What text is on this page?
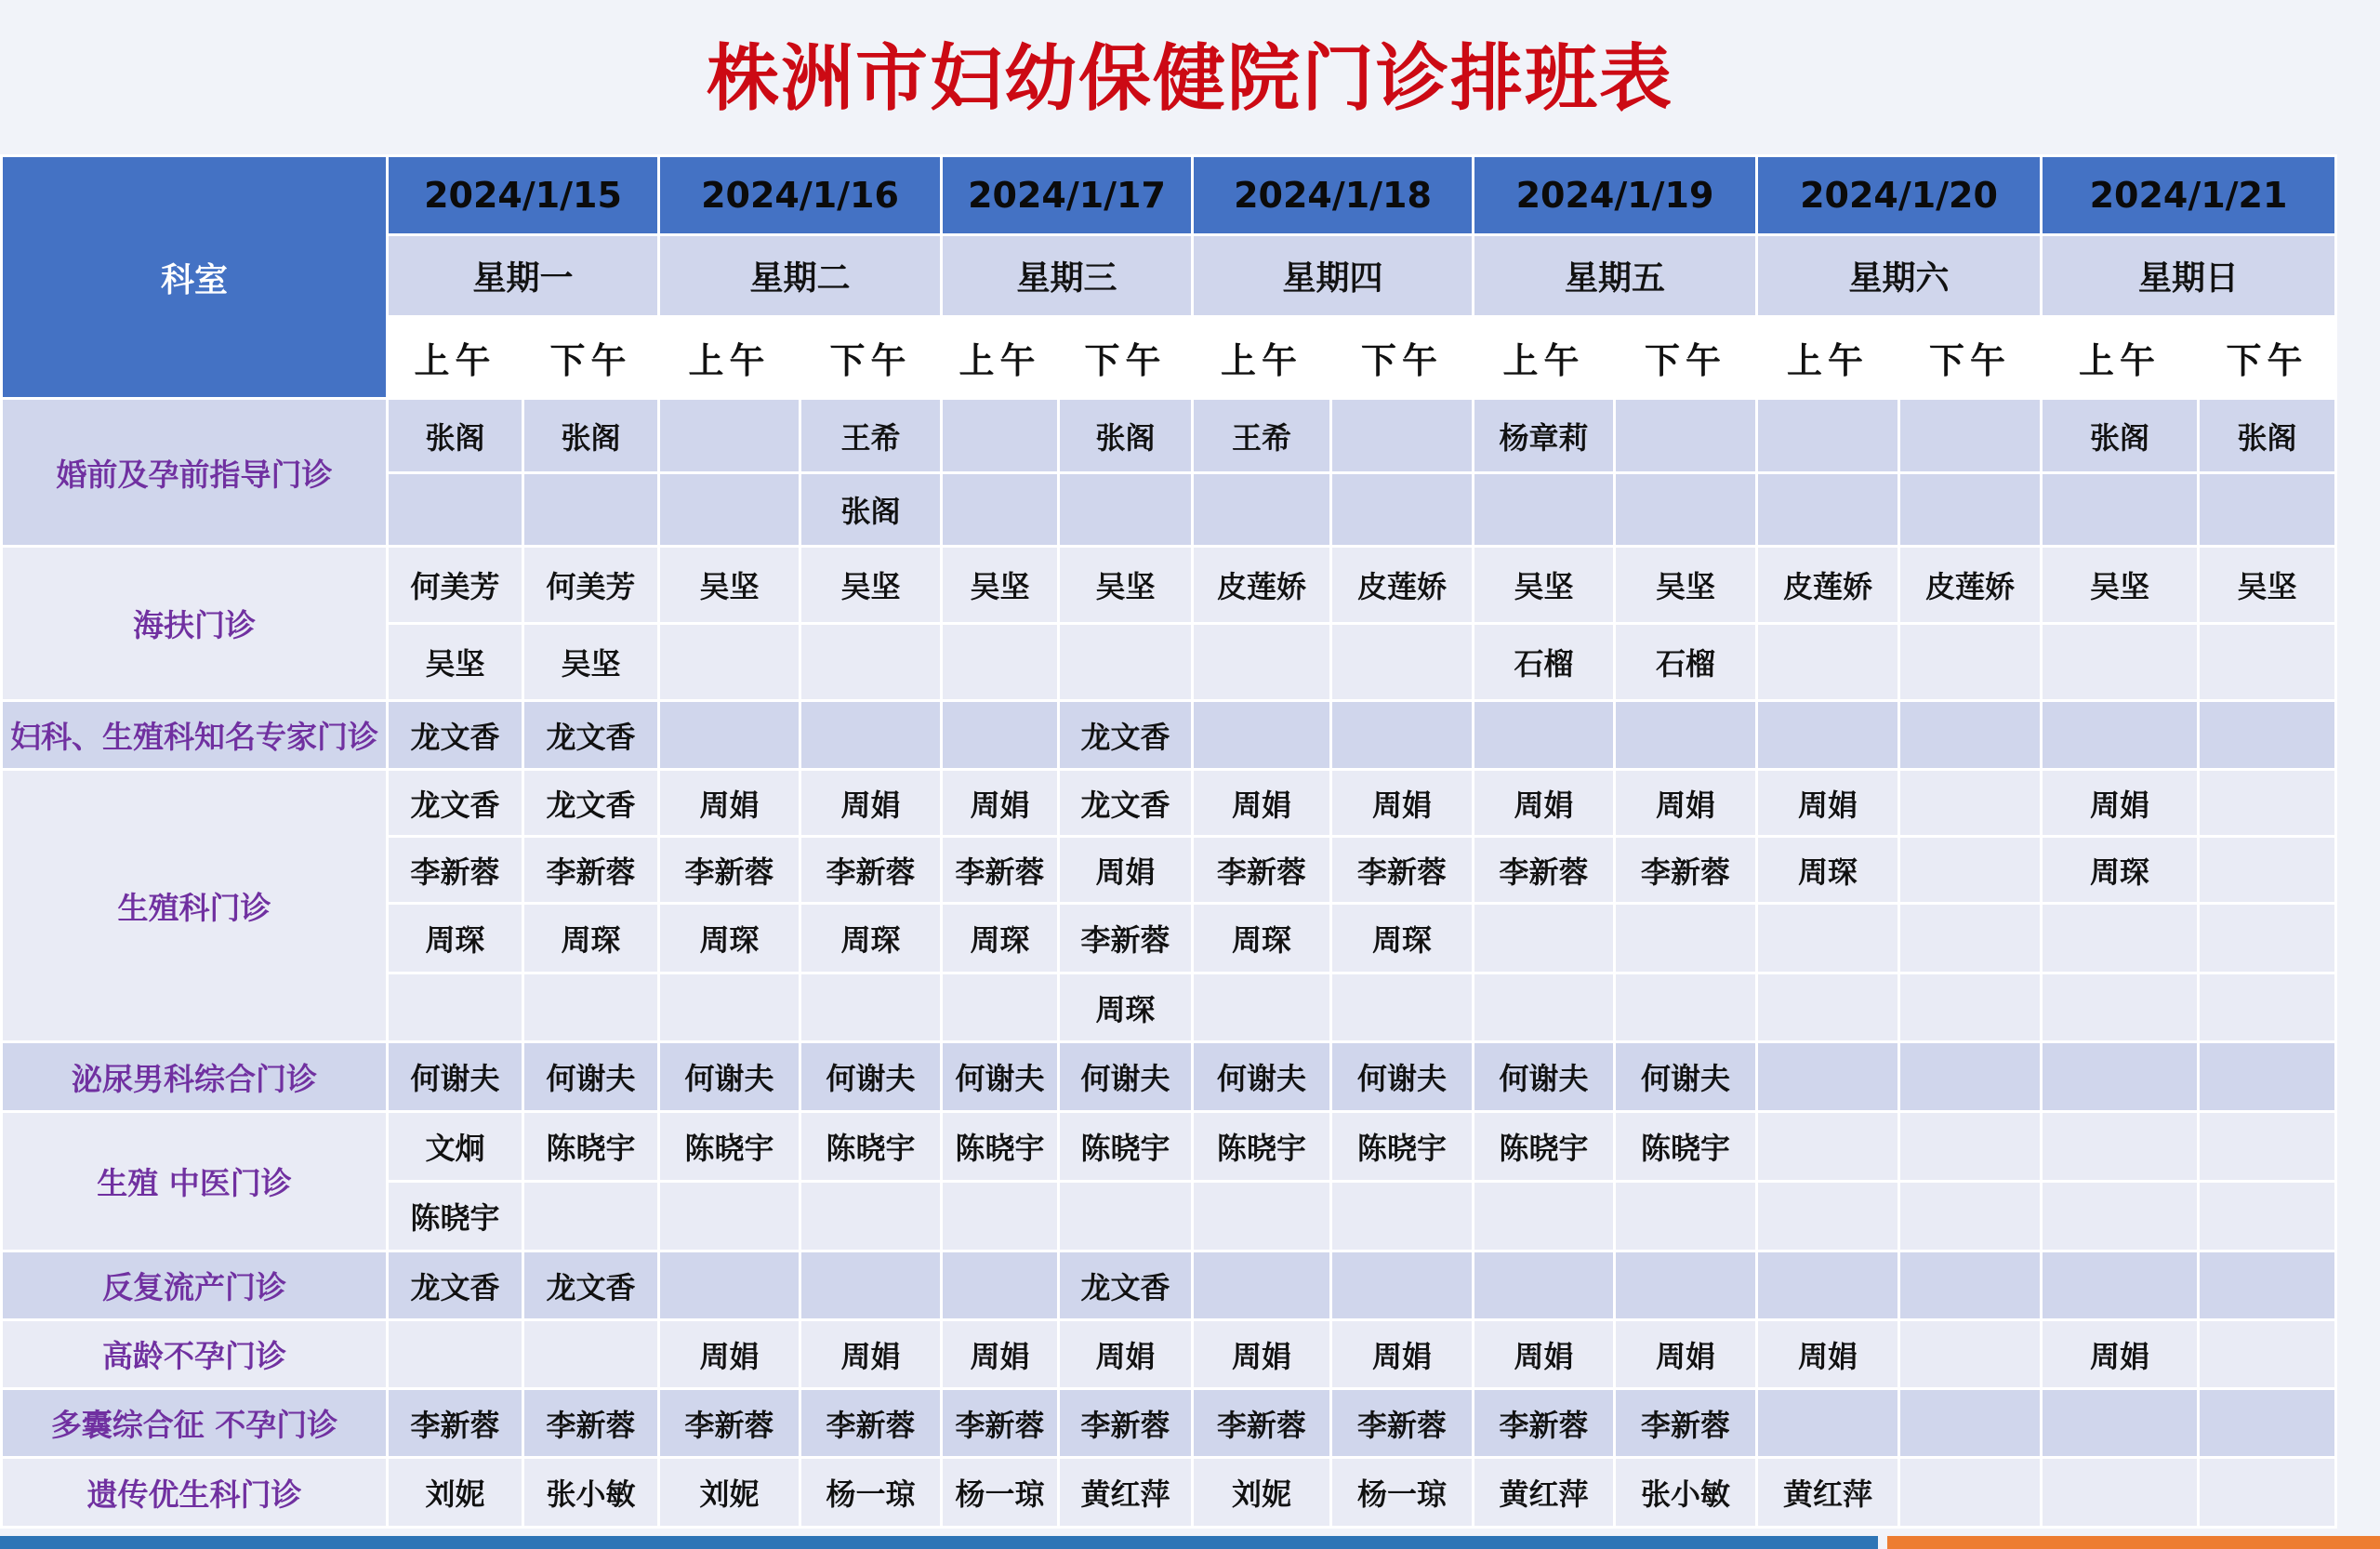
株洲市妇幼保健院门诊排班表
科室	2024/1/15		2024/1/16		2024/1/17		2024/1/18		2024/1/19		2024/1/20		2024/1/21	
	星期一		星期二		星期三		星期四		星期五		星期六		星期日	
	上午	下午	上午	下午	上午	下午	上午	下午	上午	下午	上午	下午	上午	下午
婚前及孕前指导门诊	张阁	张阁		王希		张阁	王希		杨章莉				张阁	张阁
				张阁										
海扶门诊	何美芳	何美芳	吴坚	吴坚	吴坚	吴坚	皮莲娇	皮莲娇	吴坚	吴坚	皮莲娇	皮莲娇	吴坚	吴坚
	吴坚	吴坚							石榴	石榴				
妇科、生殖科知名专家门诊	龙文香	龙文香				龙文香								
生殖科门诊	龙文香	龙文香	周娟	周娟	周娟	龙文香	周娟	周娟	周娟	周娟	周娟		周娟	
	李新蓉	李新蓉	李新蓉	李新蓉	李新蓉	周娟	李新蓉	李新蓉	李新蓉	李新蓉	周琛		周琛	
	周琛	周琛	周琛	周琛	周琛	李新蓉	周琛	周琛						
						周琛								
泌尿男科综合门诊	何谢夫	何谢夫	何谢夫	何谢夫	何谢夫	何谢夫	何谢夫	何谢夫	何谢夫	何谢夫				
生殖 中医门诊	文炯	陈晓宇	陈晓宇	陈晓宇	陈晓宇	陈晓宇	陈晓宇	陈晓宇	陈晓宇	陈晓宇				
	陈晓宇													
反复流产门诊	龙文香	龙文香				龙文香								
高龄不孕门诊			周娟	周娟	周娟	周娟	周娟	周娟	周娟	周娟	周娟		周娟	
多囊综合征 不孕门诊	李新蓉	李新蓉	李新蓉	李新蓉	李新蓉	李新蓉	李新蓉	李新蓉	李新蓉	李新蓉				
遗传优生科门诊	刘妮	张小敏	刘妮	杨一琼	杨一琼	黄红萍	刘妮	杨一琼	黄红萍	张小敏	黄红萍			
